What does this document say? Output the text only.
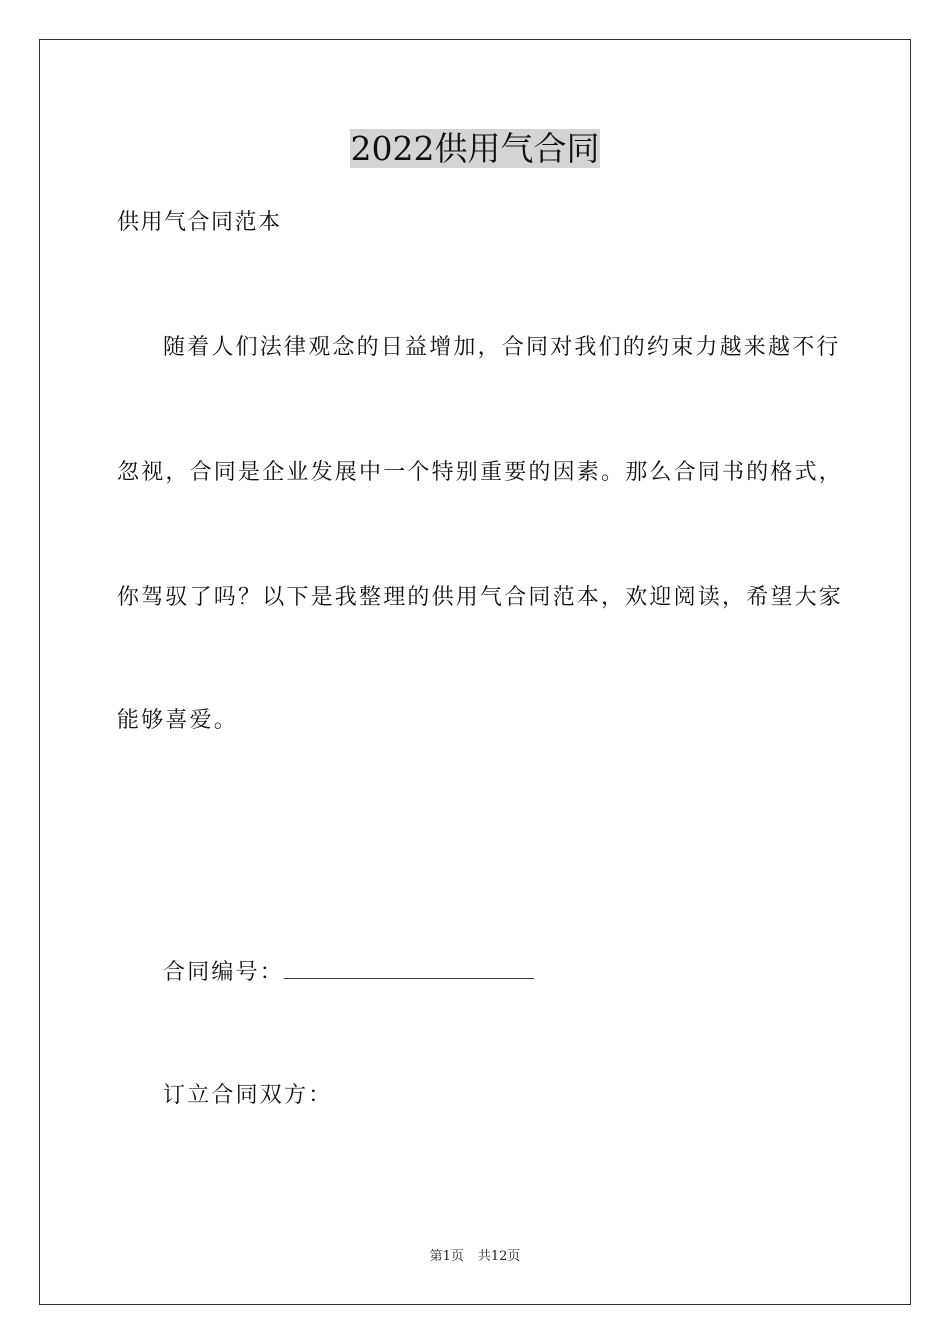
2022供用气合同
供用气合同范本
随着人们法律观念的日益增加，合同对我们的约束力越来越不行
忽视，合同是企业发展中一个特别重要的因素。那么合同书的格式，
你驾驭了吗？以下是我整理的供用气合同范本，欢迎阅读，希望大家
能够喜爱。
合同编号：
订立合同双方：
第1页 共12页
